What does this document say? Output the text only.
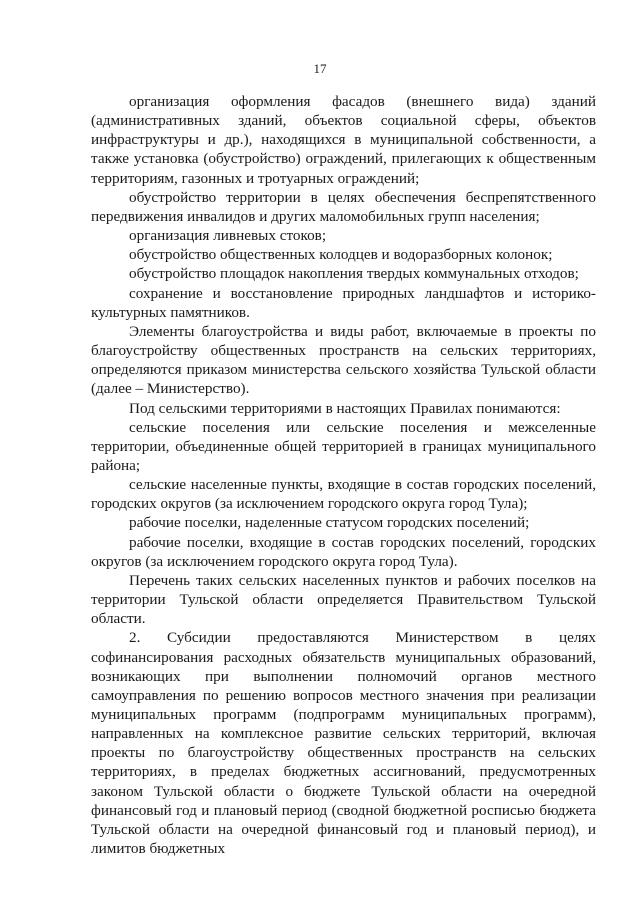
17

организация оформления фасадов (внешнего вида) зданий (административных зданий, объектов социальной сферы, объектов инфраструктуры и др.), находящихся в муниципальной собственности, а также установка (обустройство) ограждений, прилегающих к общественным территориям, газонных и тротуарных ограждений;

обустройство территории в целях обеспечения беспрепятственного передвижения инвалидов и других маломобильных групп населения;

организация ливневых стоков;

обустройство общественных колодцев и водоразборных колонок;

обустройство площадок накопления твердых коммунальных отходов;

сохранение и восстановление природных ландшафтов и историко-культурных памятников.

Элементы благоустройства и виды работ, включаемые в проекты по благоустройству общественных пространств на сельских территориях, определяются приказом министерства сельского хозяйства Тульской области (далее – Министерство).

Под сельскими территориями в настоящих Правилах понимаются:

сельские поселения или сельские поселения и межселенные территории, объединенные общей территорией в границах муниципального района;

сельские населенные пункты, входящие в состав городских поселений, городских округов (за исключением городского округа город Тула);

рабочие поселки, наделенные статусом городских поселений;

рабочие поселки, входящие в состав городских поселений, городских округов (за исключением городского округа город Тула).

Перечень таких сельских населенных пунктов и рабочих поселков на территории Тульской области определяется Правительством Тульской области.

2. Субсидии предоставляются Министерством в целях софинансирования расходных обязательств муниципальных образований, возникающих при выполнении полномочий органов местного самоуправления по решению вопросов местного значения при реализации муниципальных программ (подпрограмм муниципальных программ), направленных на комплексное развитие сельских территорий, включая проекты по благоустройству общественных пространств на сельских территориях, в пределах бюджетных ассигнований, предусмотренных законом Тульской области о бюджете Тульской области на очередной финансовый год и плановый период (сводной бюджетной росписью бюджета Тульской области на очередной финансовый год и плановый период), и лимитов бюджетных
